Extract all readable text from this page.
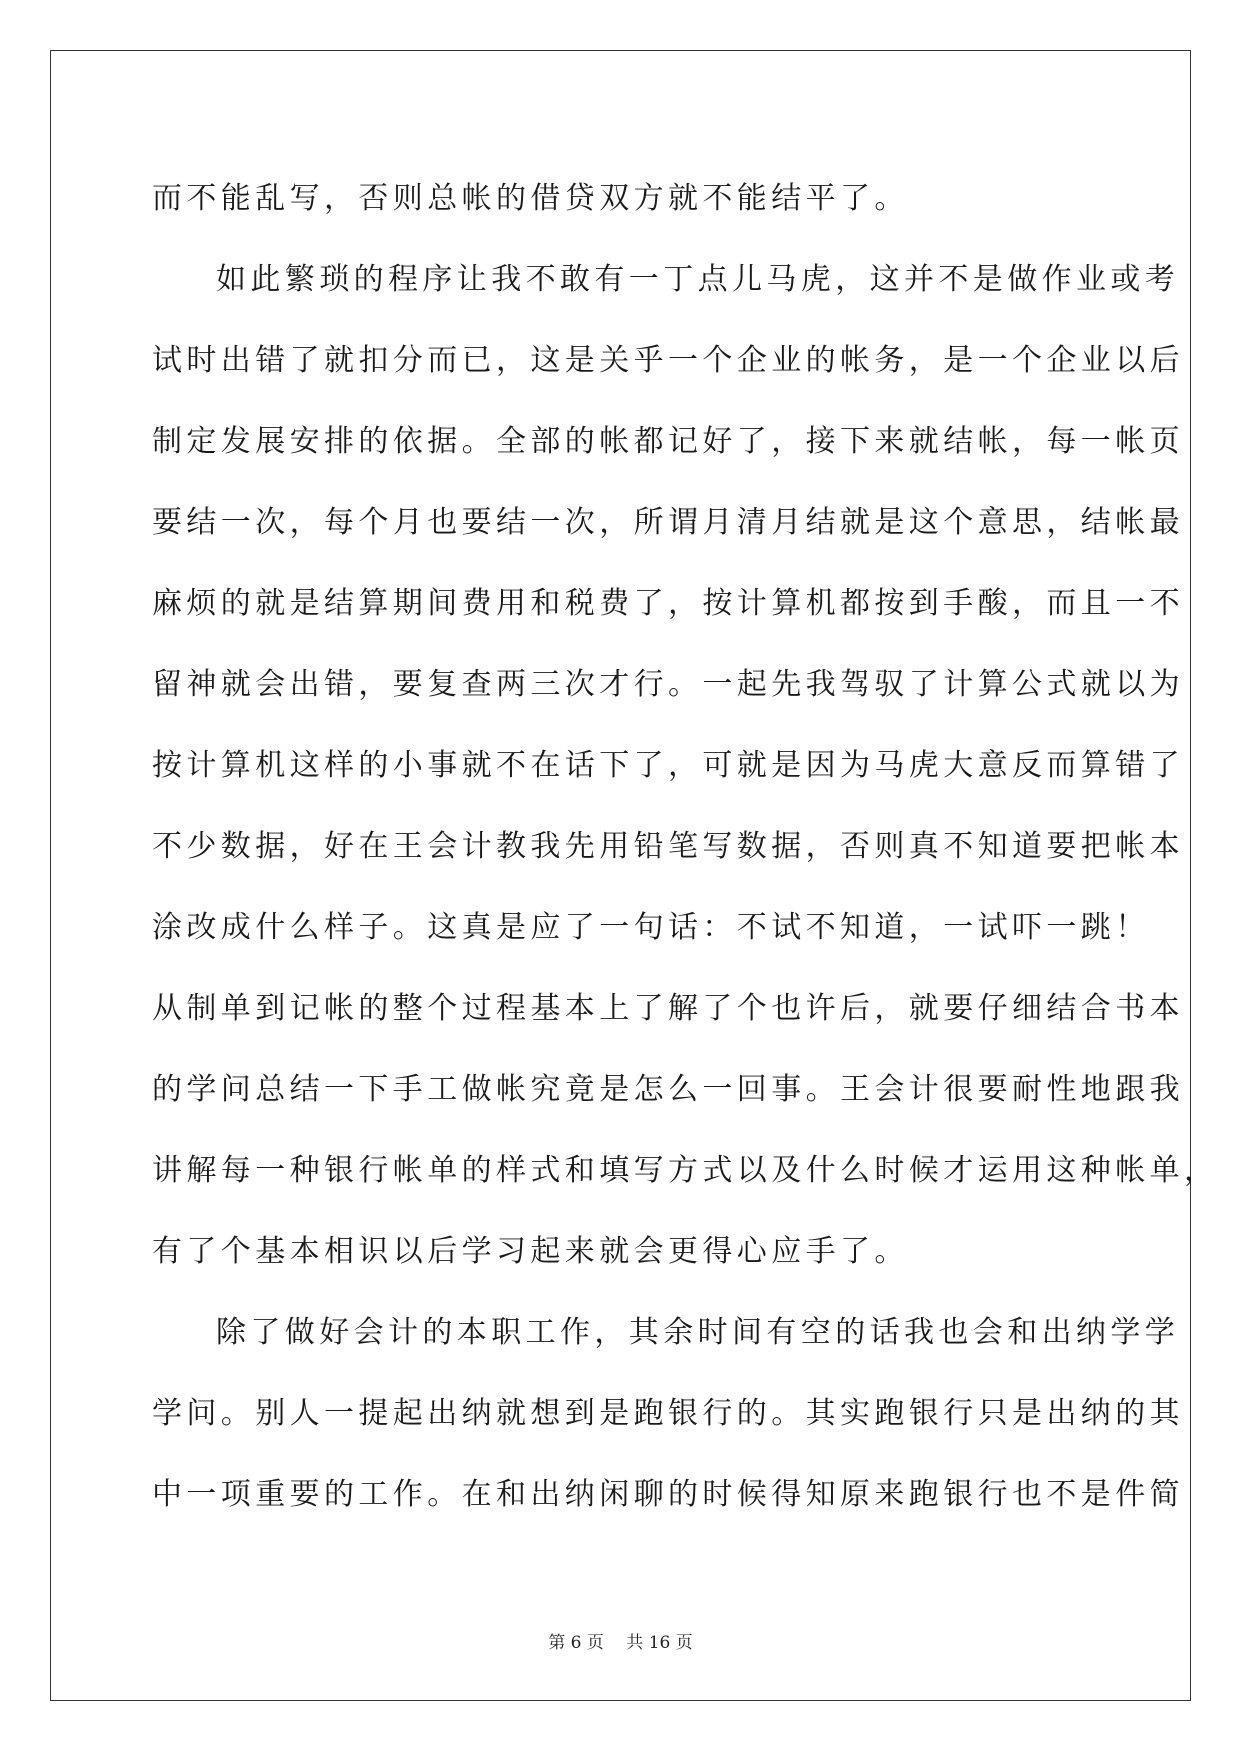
而不能乱写，否则总帐的借贷双方就不能结平了。
如此繁琐的程序让我不敢有一丁点儿马虎，这并不是做作业或考
试时出错了就扣分而已，这是关乎一个企业的帐务，是一个企业以后
制定发展安排的依据。全部的帐都记好了，接下来就结帐，每一帐页
要结一次，每个月也要结一次，所谓月清月结就是这个意思，结帐最
麻烦的就是结算期间费用和税费了，按计算机都按到手酸，而且一不
留神就会出错，要复查两三次才行。一起先我驾驭了计算公式就以为
按计算机这样的小事就不在话下了，可就是因为马虎大意反而算错了
不少数据，好在王会计教我先用铅笔写数据，否则真不知道要把帐本
涂改成什么样子。这真是应了一句话：不试不知道，一试吓一跳！
从制单到记帐的整个过程基本上了解了个也许后，就要仔细结合书本
的学问总结一下手工做帐究竟是怎么一回事。王会计很要耐性地跟我
讲解每一种银行帐单的样式和填写方式以及什么时候才运用这种帐单，
有了个基本相识以后学习起来就会更得心应手了。
除了做好会计的本职工作，其余时间有空的话我也会和出纳学学
学问。别人一提起出纳就想到是跑银行的。其实跑银行只是出纳的其
中一项重要的工作。在和出纳闲聊的时候得知原来跑银行也不是件简
第 6 页　 共 16 页
